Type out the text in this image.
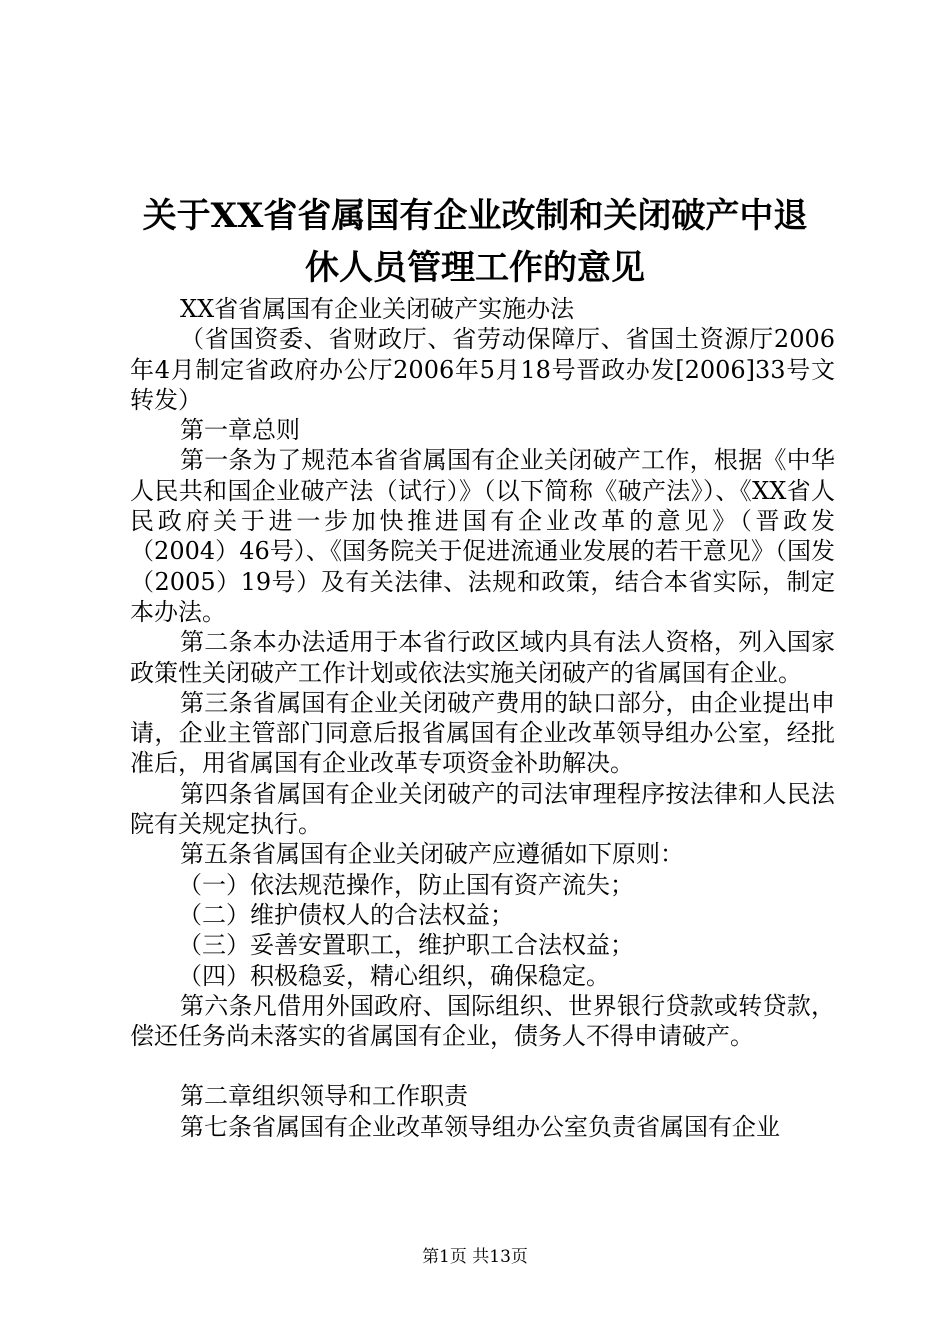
关于XX省省属国有企业改制和关闭破产中退
休人员管理工作的意见

XX省省属国有企业关闭破产实施办法

（省国资委、省财政厅、省劳动保障厅、省国土资源厅2006年4月制定省政府办公厅2006年5月18号晋政办发[2006]33号文转发）

第一章总则

第一条为了规范本省省属国有企业关闭破产工作，根据《中华人民共和国企业破产法（试行）》（以下简称《破产法》）、《XX省人民政府关于进一步加快推进国有企业改革的意见》（晋政发（2004）46号）、《国务院关于促进流通业发展的若干意见》（国发（2005）19号）及有关法律、法规和政策，结合本省实际，制定本办法。

第二条本办法适用于本省行政区域内具有法人资格，列入国家政策性关闭破产工作计划或依法实施关闭破产的省属国有企业。

第三条省属国有企业关闭破产费用的缺口部分，由企业提出申请，企业主管部门同意后报省属国有企业改革领导组办公室，经批准后，用省属国有企业改革专项资金补助解决。

第四条省属国有企业关闭破产的司法审理程序按法律和人民法院有关规定执行。

第五条省属国有企业关闭破产应遵循如下原则：

（一）依法规范操作，防止国有资产流失；

（二）维护债权人的合法权益；

（三）妥善安置职工，维护职工合法权益；

（四）积极稳妥，精心组织，确保稳定。

第六条凡借用外国政府、国际组织、世界银行贷款或转贷款，偿还任务尚未落实的省属国有企业，债务人不得申请破产。

第二章组织领导和工作职责

第七条省属国有企业改革领导组办公室负责省属国有企业

第1页 共13页
